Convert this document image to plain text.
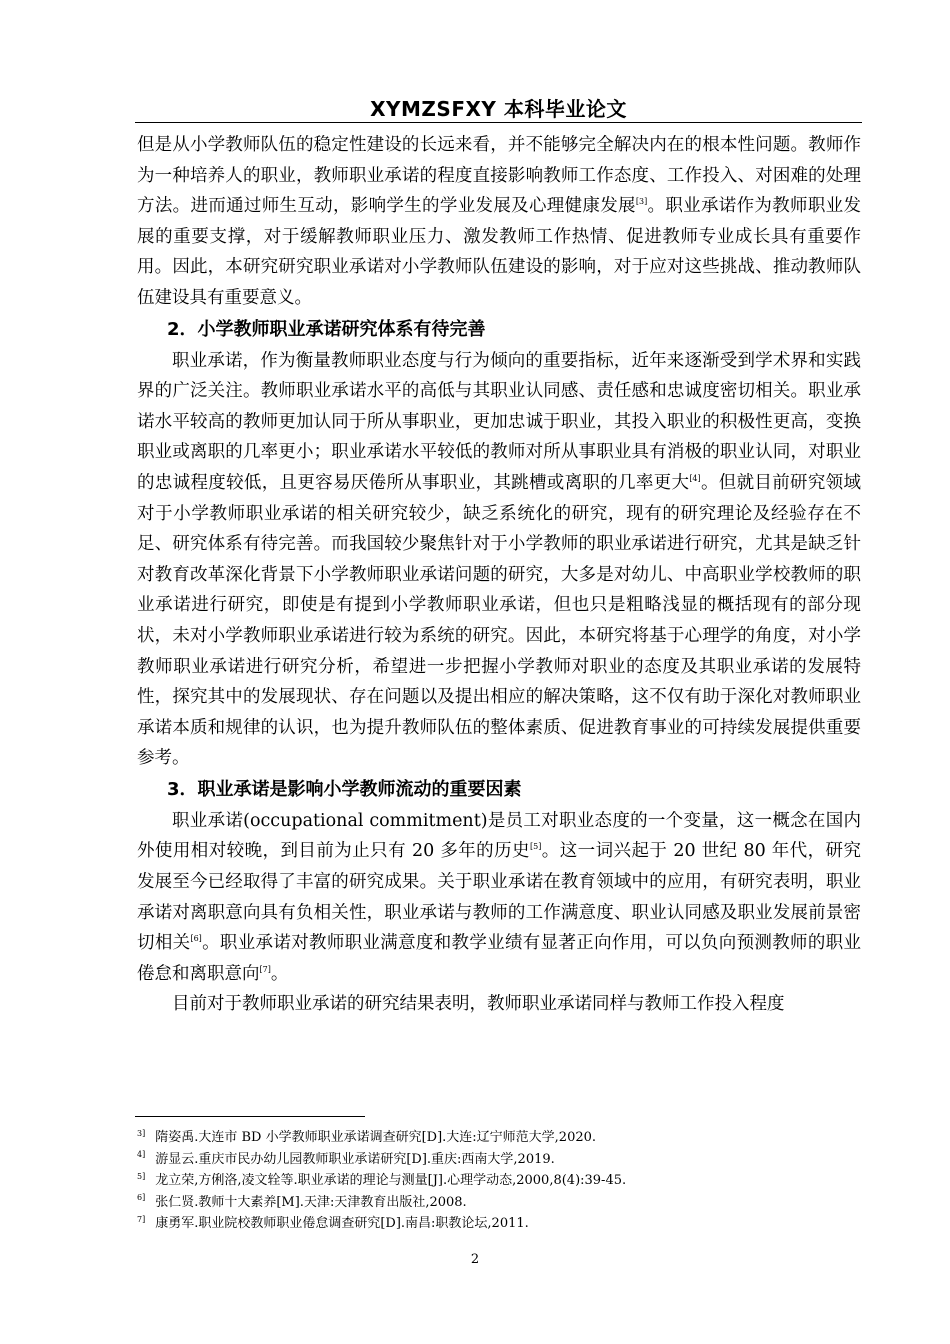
XYMZSFXY 本科毕业论文

但是从小学教师队伍的稳定性建设的长远来看，并不能够完全解决内在的根本性问题。教师作为一种培养人的职业，教师职业承诺的程度直接影响教师工作态度、工作投入、对困难的处理方法。进而通过师生互动，影响学生的学业发展及心理健康发展[3]。职业承诺作为教师职业发展的重要支撑，对于缓解教师职业压力、激发教师工作热情、促进教师专业成长具有重要作用。因此，本研究研究职业承诺对小学教师队伍建设的影响，对于应对这些挑战、推动教师队伍建设具有重要意义。

2．小学教师职业承诺研究体系有待完善

职业承诺，作为衡量教师职业态度与行为倾向的重要指标，近年来逐渐受到学术界和实践界的广泛关注。教师职业承诺水平的高低与其职业认同感、责任感和忠诚度密切相关。职业承诺水平较高的教师更加认同于所从事职业，更加忠诚于职业，其投入职业的积极性更高，变换职业或离职的几率更小；职业承诺水平较低的教师对所从事职业具有消极的职业认同，对职业的忠诚程度较低，且更容易厌倦所从事职业，其跳槽或离职的几率更大[4]。但就目前研究领域对于小学教师职业承诺的相关研究较少，缺乏系统化的研究，现有的研究理论及经验存在不足、研究体系有待完善。而我国较少聚焦针对于小学教师的职业承诺进行研究，尤其是缺乏针对教育改革深化背景下小学教师职业承诺问题的研究，大多是对幼儿、中高职业学校教师的职业承诺进行研究，即使是有提到小学教师职业承诺，但也只是粗略浅显的概括现有的部分现状，未对小学教师职业承诺进行较为系统的研究。因此，本研究将基于心理学的角度，对小学教师职业承诺进行研究分析，希望进一步把握小学教师对职业的态度及其职业承诺的发展特性，探究其中的发展现状、存在问题以及提出相应的解决策略，这不仅有助于深化对教师职业承诺本质和规律的认识，也为提升教师队伍的整体素质、促进教育事业的可持续发展提供重要参考。

3．职业承诺是影响小学教师流动的重要因素

职业承诺(occupational commitment)是员工对职业态度的一个变量，这一概念在国内外使用相对较晚，到目前为止只有 20 多年的历史[5]。这一词兴起于 20 世纪 80 年代，研究发展至今已经取得了丰富的研究成果。关于职业承诺在教育领域中的应用，有研究表明，职业承诺对离职意向具有负相关性，职业承诺与教师的工作满意度、职业认同感及职业发展前景密切相关[6]。职业承诺对教师职业满意度和教学业绩有显著正向作用，可以负向预测教师的职业倦怠和离职意向[7]。

目前对于教师职业承诺的研究结果表明，教师职业承诺同样与教师工作投入程度

$^{3]}$ 隋姿禹.大连市 BD 小学教师职业承诺调查研究[D].大连:辽宁师范大学,2020.
$^{4]}$ 游显云.重庆市民办幼儿园教师职业承诺研究[D].重庆:西南大学,2019.
$^{5]}$ 龙立荣,方俐洛,凌文辁等.职业承诺的理论与测量[J].心理学动态,2000,8(4):39-45.
$^{6]}$ 张仁贤.教师十大素养[M].天津:天津教育出版社,2008.
$^{7]}$ 康勇军.职业院校教师职业倦怠调查研究[D].南昌:职教论坛,2011.
2
